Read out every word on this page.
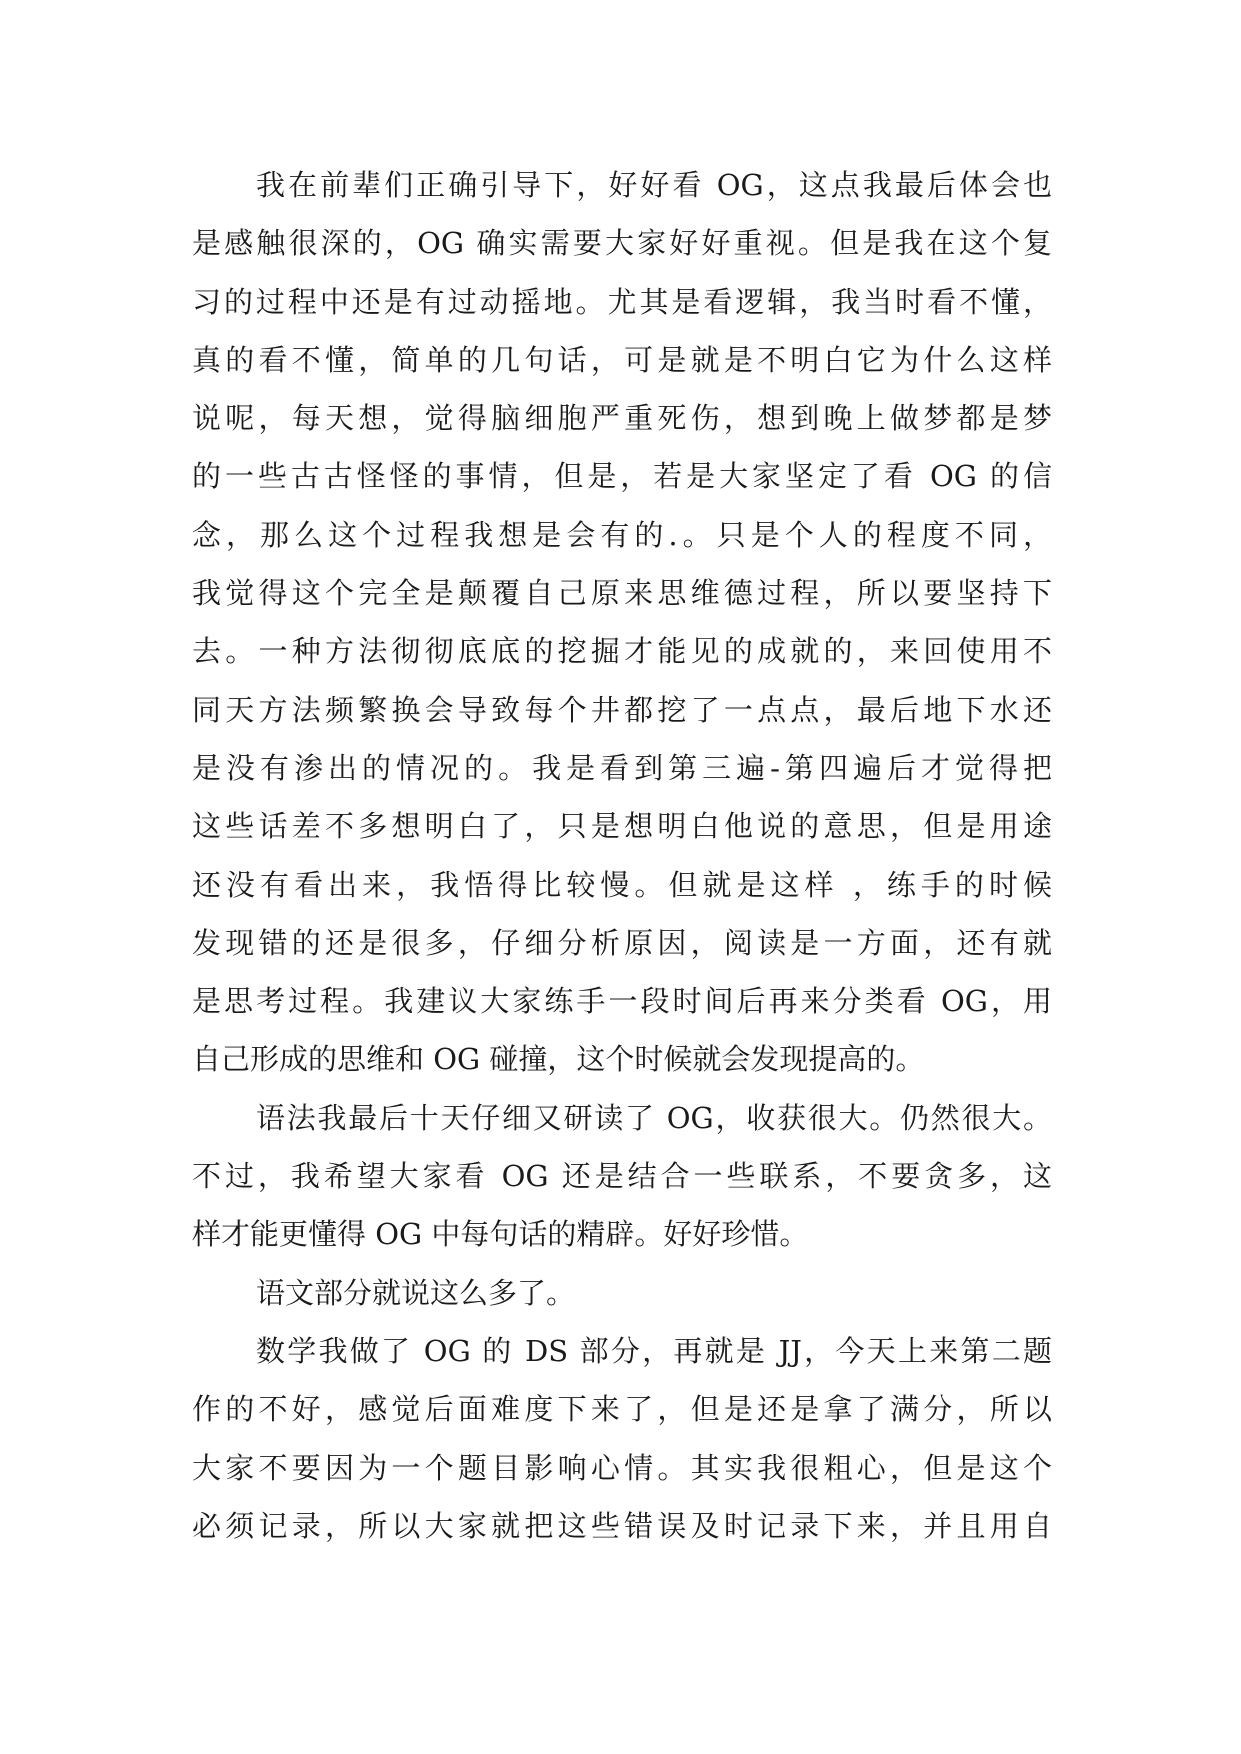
我在前辈们正确引导下，好好看 OG，这点我最后体会也
是感触很深的，OG 确实需要大家好好重视。但是我在这个复
习的过程中还是有过动摇地。尤其是看逻辑，我当时看不懂，
真的看不懂，简单的几句话，可是就是不明白它为什么这样
说呢，每天想，觉得脑细胞严重死伤，想到晚上做梦都是梦
的一些古古怪怪的事情，但是，若是大家坚定了看 OG 的信
念，那么这个过程我想是会有的.。只是个人的程度不同，
我觉得这个完全是颠覆自己原来思维德过程，所以要坚持下
去。一种方法彻彻底底的挖掘才能见的成就的，来回使用不
同天方法频繁换会导致每个井都挖了一点点，最后地下水还
是没有渗出的情况的。我是看到第三遍-第四遍后才觉得把
这些话差不多想明白了，只是想明白他说的意思，但是用途
还没有看出来，我悟得比较慢。但就是这样 ，练手的时候
发现错的还是很多，仔细分析原因，阅读是一方面，还有就
是思考过程。我建议大家练手一段时间后再来分类看 OG，用
自己形成的思维和 OG 碰撞，这个时候就会发现提高的。
语法我最后十天仔细又研读了 OG，收获很大。仍然很大。
不过，我希望大家看 OG 还是结合一些联系，不要贪多，这
样才能更懂得 OG 中每句话的精辟。好好珍惜。
语文部分就说这么多了。
数学我做了 OG 的 DS 部分，再就是 JJ，今天上来第二题
作的不好，感觉后面难度下来了，但是还是拿了满分，所以
大家不要因为一个题目影响心情。其实我很粗心，但是这个
必须记录，所以大家就把这些错误及时记录下来，并且用自
